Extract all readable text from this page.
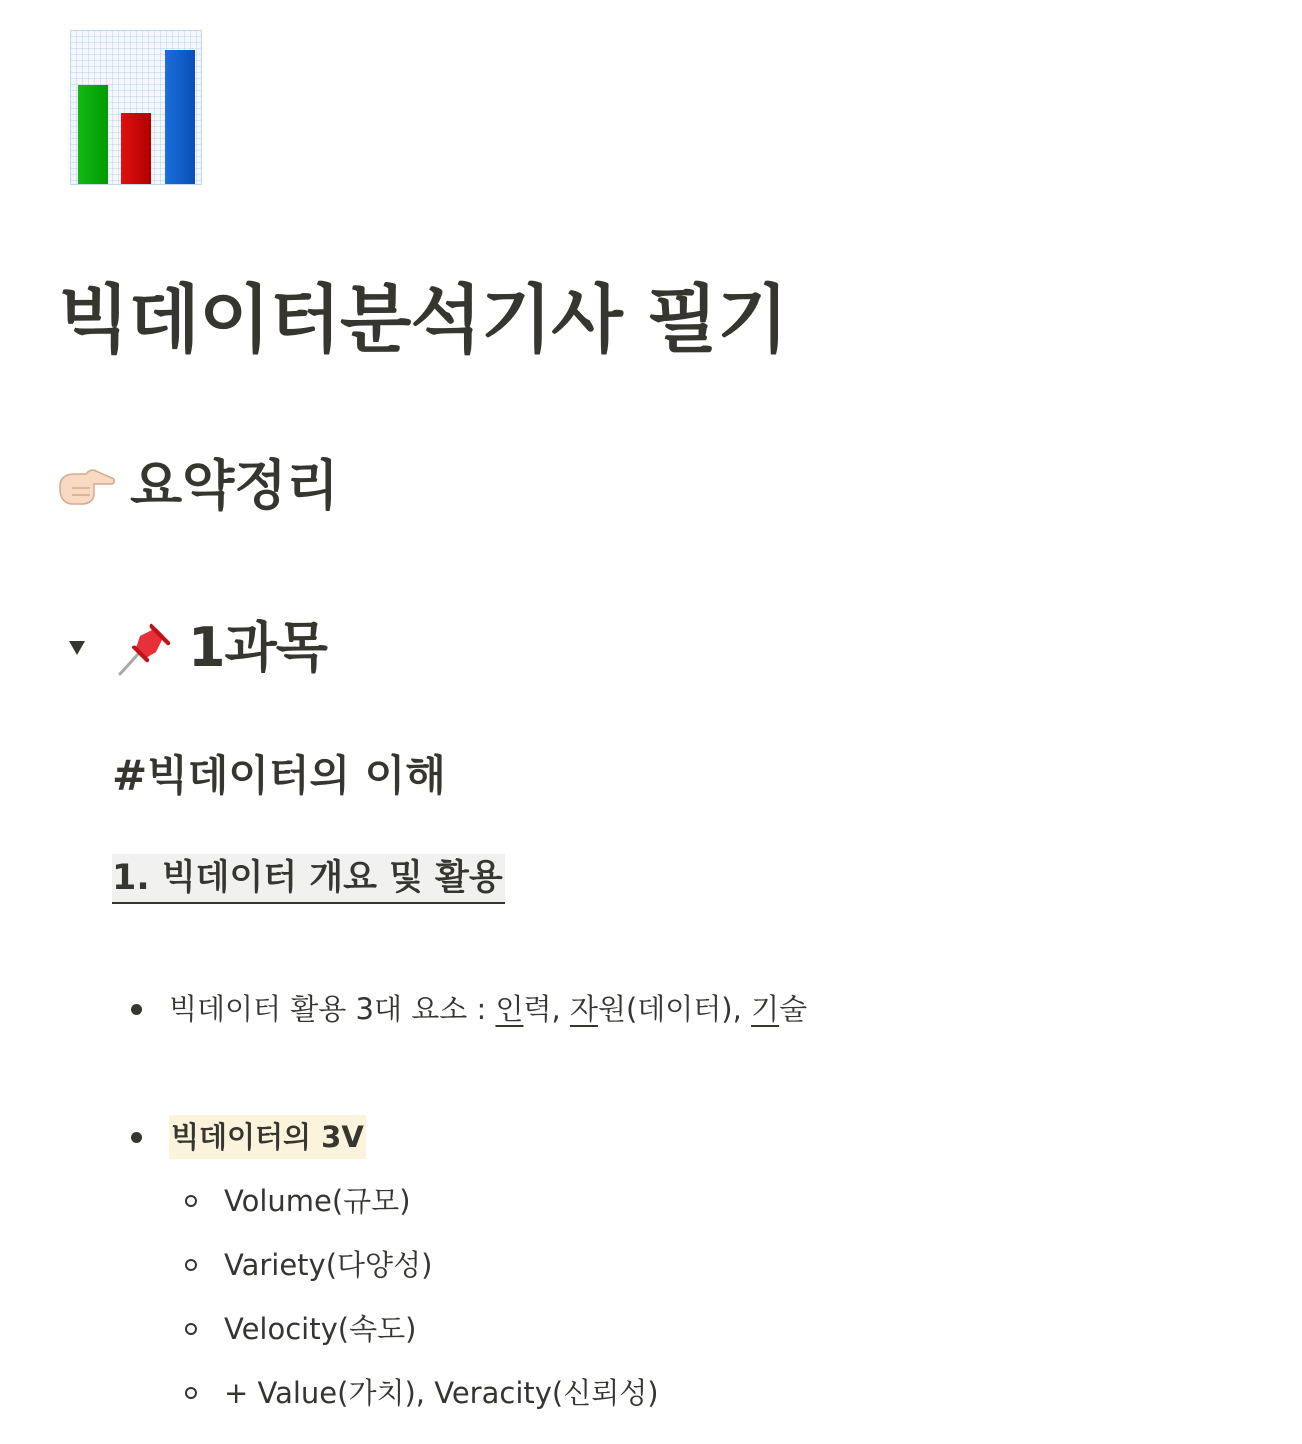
빅데이터분석기사 필기
요약정리
1과목
#빅데이터의 이해
1. 빅데이터 개요 및 활용
빅데이터 활용 3대 요소 : 인력, 자원(데이터), 기술
빅데이터의 3V
Volume(규모)
Variety(다양성)
Velocity(속도)
+ Value(가치), Veracity(신뢰성)
